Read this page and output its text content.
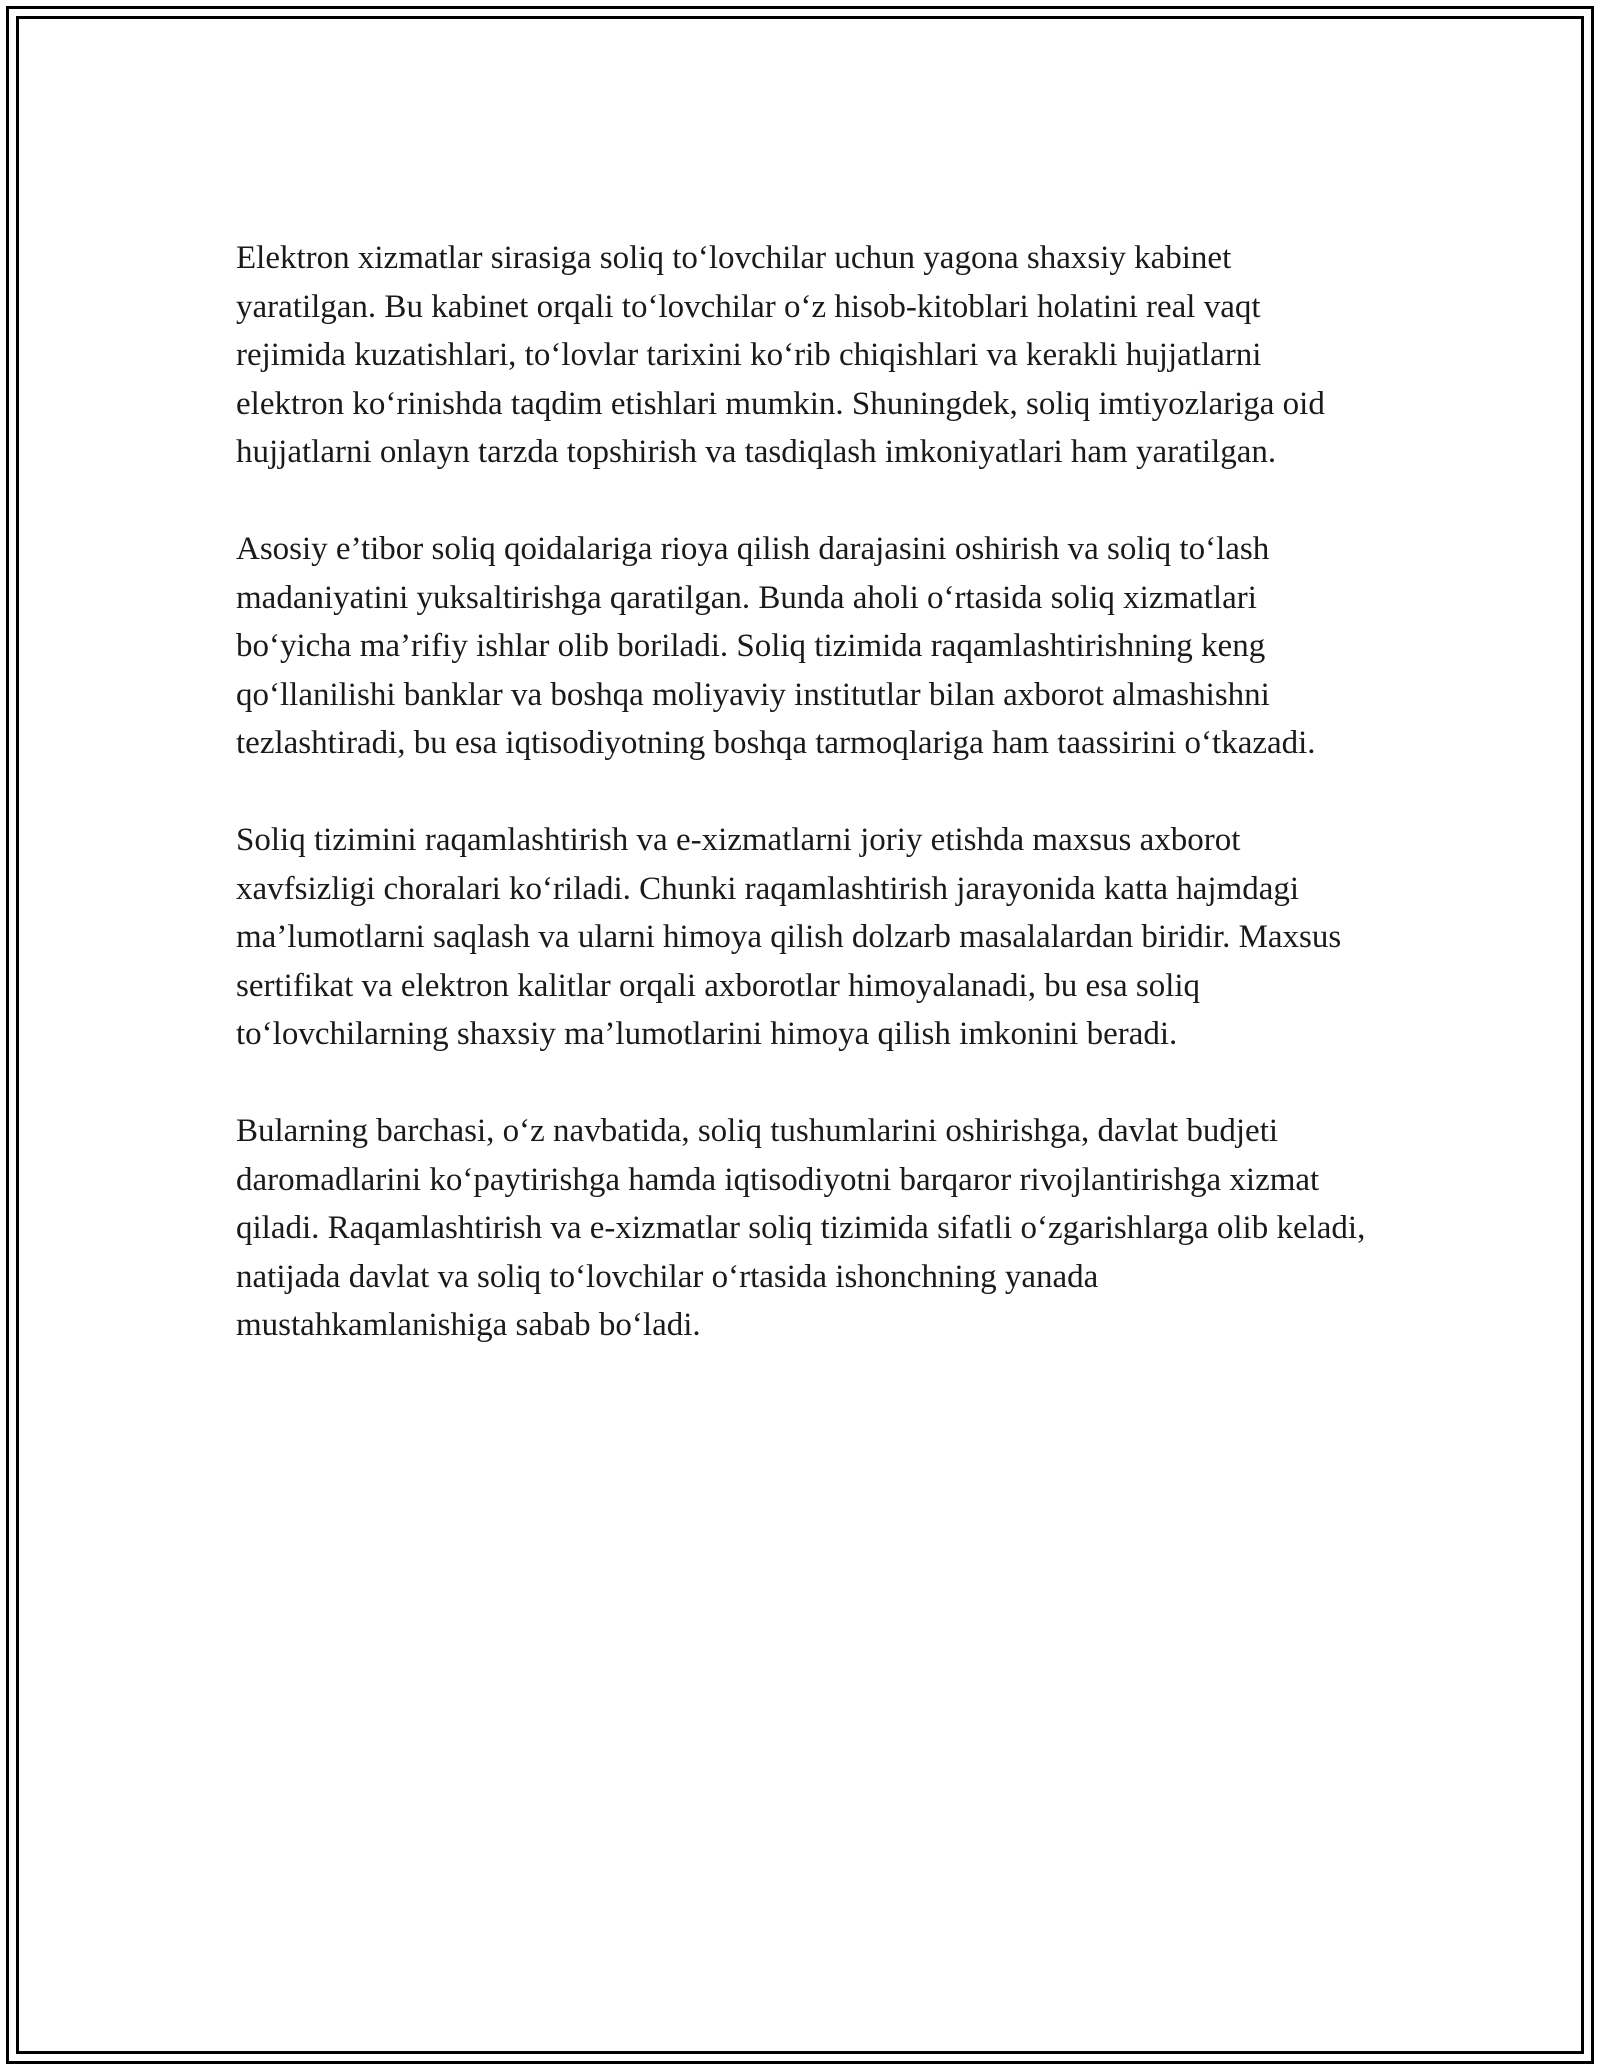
Elektron xizmatlar sirasiga soliq to‘lovchilar uchun yagona shaxsiy kabinet yaratilgan. Bu kabinet orqali to‘lovchilar o‘z hisob-kitoblari holatini real vaqt rejimida kuzatishlari, to‘lovlar tarixini ko‘rib chiqishlari va kerakli hujjatlarni elektron ko‘rinishda taqdim etishlari mumkin. Shuningdek, soliq imtiyozlariga oid hujjatlarni onlayn tarzda topshirish va tasdiqlash imkoniyatlari ham yaratilgan.

Asosiy e’tibor soliq qoidalariga rioya qilish darajasini oshirish va soliq to‘lash madaniyatini yuksaltirishga qaratilgan. Bunda aholi o‘rtasida soliq xizmatlari bo‘yicha ma’rifiy ishlar olib boriladi. Soliq tizimida raqamlashtirishning keng qo‘llanilishi banklar va boshqa moliyaviy institutlar bilan axborot almashishni tezlashtiradi, bu esa iqtisodiyotning boshqa tarmoqlariga ham taassirini o‘tkazadi.

Soliq tizimini raqamlashtirish va e-xizmatlarni joriy etishda maxsus axborot xavfsizligi choralari ko‘riladi. Chunki raqamlashtirish jarayonida katta hajmdagi ma’lumotlarni saqlash va ularni himoya qilish dolzarb masalalardan biridir. Maxsus sertifikat va elektron kalitlar orqali axborotlar himoyalanadi, bu esa soliq to‘lovchilarning shaxsiy ma’lumotlarini himoya qilish imkonini beradi.

Bularning barchasi, o‘z navbatida, soliq tushumlarini oshirishga, davlat budjeti daromadlarini ko‘paytirishga hamda iqtisodiyotni barqaror rivojlantirishga xizmat qiladi. Raqamlashtirish va e-xizmatlar soliq tizimida sifatli o‘zgarishlarga olib keladi, natijada davlat va soliq to‘lovchilar o‘rtasida ishonchning yanada mustahkamlanishiga sabab bo‘ladi.
